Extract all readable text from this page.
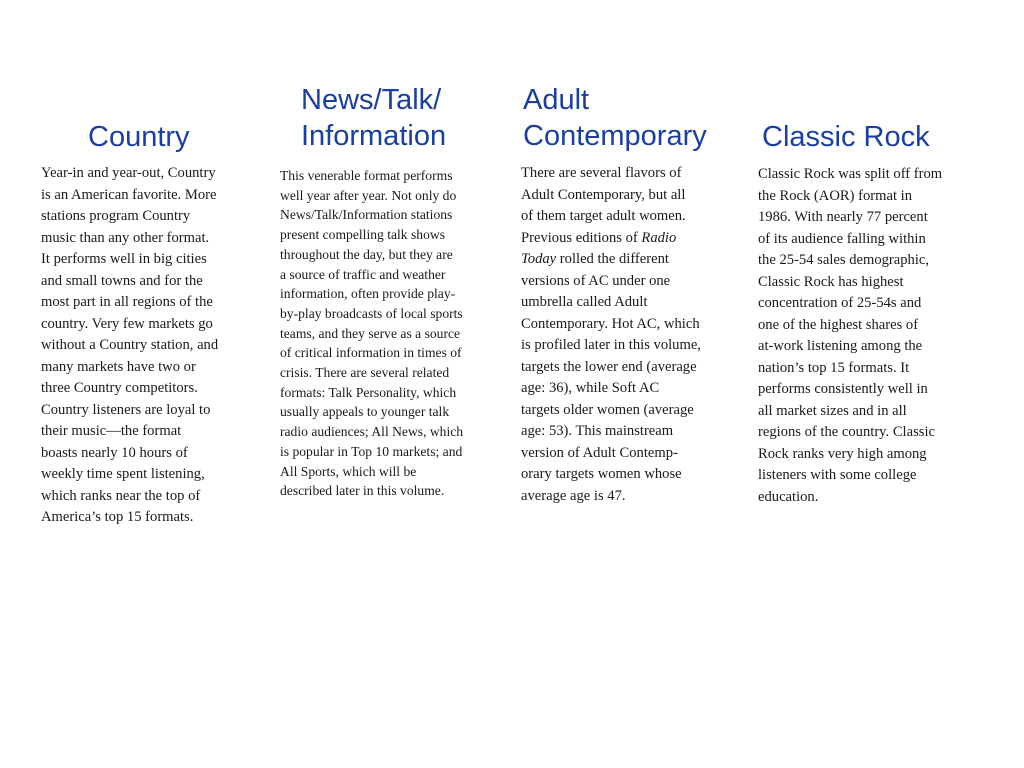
Country
Year-in and year-out, Country
is an American favorite. More
stations program Country
music than any other format.
It performs well in big cities
and small towns and for the
most part in all regions of the
country. Very few markets go
without a Country station, and
many markets have two or
three Country competitors.
Country listeners are loyal to
their music—the format
boasts nearly 10 hours of
weekly time spent listening,
which ranks near the top of
America’s top 15 formats.
News/Talk/
Information
This venerable format performs
well year after year. Not only do
News/Talk/Information stations
present compelling talk shows
throughout the day, but they are
a source of traffic and weather
information, often provide play-
by-play broadcasts of local sports
teams, and they serve as a source
of critical information in times of
crisis. There are several related
formats: Talk Personality, which
usually appeals to younger talk
radio audiences; All News, which
is popular in Top 10 markets; and
All Sports, which will be
described later in this volume.
Adult
Contemporary
There are several flavors of
Adult Contemporary, but all
of them target adult women.
Previous editions of Radio
Today rolled the different
versions of AC under one
umbrella called Adult
Contemporary. Hot AC, which
is profiled later in this volume,
targets the lower end (average
age: 36), while Soft AC
targets older women (average
age: 53). This mainstream
version of Adult Contemp-
orary targets women whose
average age is 47.
Classic Rock
Classic Rock was split off from
the Rock (AOR) format in
1986. With nearly 77 percent
of its audience falling within
the 25-54 sales demographic,
Classic Rock has highest
concentration of 25-54s and
one of the highest shares of
at-work listening among the
nation’s top 15 formats. It
performs consistently well in
all market sizes and in all
regions of the country. Classic
Rock ranks very high among
listeners with some college
education.
